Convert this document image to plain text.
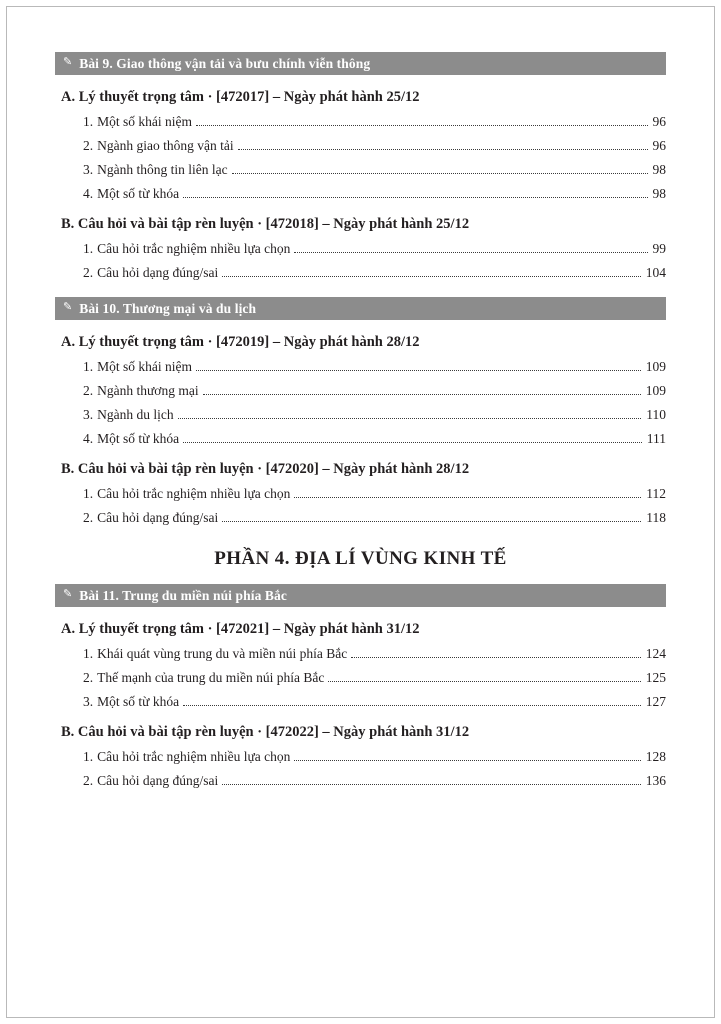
✎ Bài 9. Giao thông vận tải và bưu chính viễn thông
A. Lý thuyết trọng tâm · [472017] – Ngày phát hành 25/12
1. Một số khái niệm	96
2. Ngành giao thông vận tải	96
3. Ngành thông tin liên lạc	98
4. Một số từ khóa	98
B. Câu hỏi và bài tập rèn luyện · [472018] – Ngày phát hành 25/12
1. Câu hỏi trắc nghiệm nhiều lựa chọn	99
2. Câu hỏi dạng đúng/sai	104
✎ Bài 10. Thương mại và du lịch
A. Lý thuyết trọng tâm · [472019] – Ngày phát hành 28/12
1. Một số khái niệm	109
2. Ngành thương mại	109
3. Ngành du lịch	110
4. Một số từ khóa	111
B. Câu hỏi và bài tập rèn luyện · [472020] – Ngày phát hành 28/12
1. Câu hỏi trắc nghiệm nhiều lựa chọn	112
2. Câu hỏi dạng đúng/sai	118
PHẦN 4. ĐỊA LÍ VÙNG KINH TẾ
✎ Bài 11. Trung du miền núi phía Bắc
A. Lý thuyết trọng tâm · [472021] – Ngày phát hành 31/12
1. Khái quát vùng trung du và miền núi phía Bắc	124
2. Thế mạnh của trung du miền núi phía Bắc	125
3. Một số từ khóa	127
B. Câu hỏi và bài tập rèn luyện · [472022] – Ngày phát hành 31/12
1. Câu hỏi trắc nghiệm nhiều lựa chọn	128
2. Câu hỏi dạng đúng/sai	136
